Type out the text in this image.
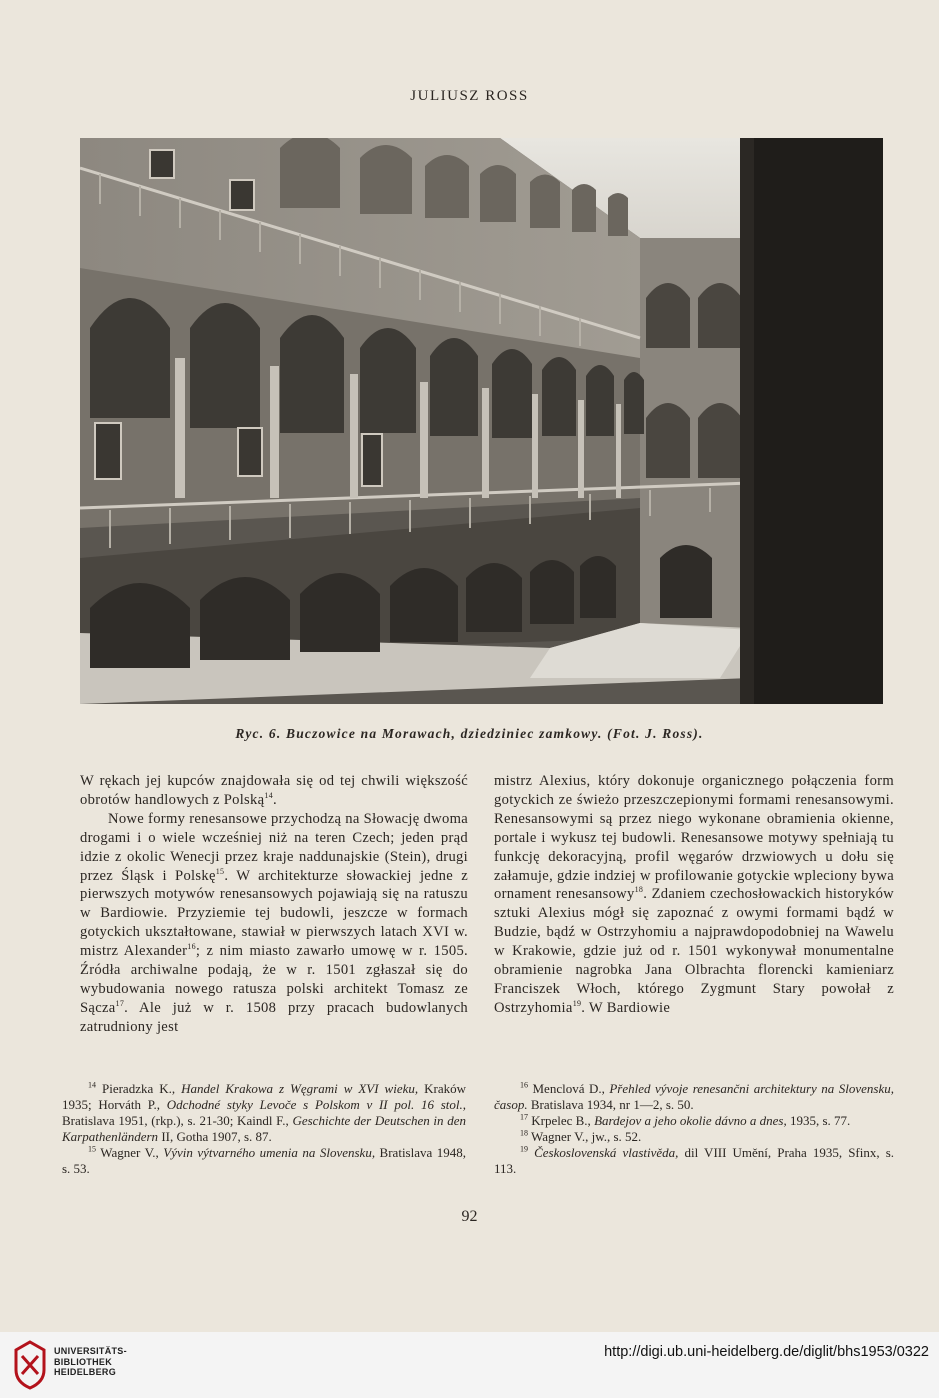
JULIUSZ ROSS
Ryc. 6. Buczowice na Morawach, dziedziniec zamkowy. (Fot. J. Ross).

W rękach jej kupców znajdowała się od tej chwili większość obrotów handlowych z Polską$^{14}$.

Nowe formy renesansowe przychodzą na Słowację dwoma drogami i o wiele wcześniej niż na teren Czech; jeden prąd idzie z okolic Wenecji przez kraje naddunajskie (Stein), drugi przez Śląsk i Polskę$^{15}$. W architekturze słowackiej jedne z pierwszych motywów renesansowych pojawiają się na ratuszu w Bardiowie. Przyziemie tej budowli, jeszcze w formach gotyckich ukształtowane, stawiał w pierwszych latach XVI w. mistrz Alexander$^{16}$; z nim miasto zawarło umowę w r. 1505. Źródła archiwalne podają, że w r. 1501 zgłaszał się do wybudowania nowego ratusza polski architekt Tomasz ze Sącza$^{17}$. Ale już w r. 1508 przy pracach budowlanych zatrudniony jest

mistrz Alexius, który dokonuje organicznego połączenia form gotyckich ze świeżo przeszczepionymi formami renesansowymi. Renesansowymi są przez niego wykonane obramienia okienne, portale i wykusz tej budowli. Renesansowe motywy spełniają tu funkcję dekoracyjną, profil węgarów drzwiowych u dołu się załamuje, gdzie indziej w profilowanie gotyckie wpleciony bywa ornament renesansowy$^{18}$. Zdaniem czechosłowackich historyków sztuki Alexius mógł się zapoznać z owymi formami bądź w Budzie, bądź w Ostrzyhomiu a najprawdopodobniej na Wawelu w Krakowie, gdzie już od r. 1501 wykonywał monumentalne obramienie nagrobka Jana Olbrachta florencki kamieniarz Franciszek Włoch, którego Zygmunt Stary powołał z Ostrzyhomia$^{19}$. W Bardiowie

$^{14}$ Pieradzka K., Handel Krakowa z Węgrami w XVI wieku, Kraków 1935; Horváth P., Odchodné styky Levoče s Polskom v II pol. 16 stol., Bratislava 1951, (rkp.), s. 21-30; Kaindl F., Geschichte der Deutschen in den Karpathenländern II, Gotha 1907, s. 87.

$^{15}$ Wagner V., Vývin výtvarného umenia na Slovensku, Bratislava 1948, s. 53.

$^{16}$ Menclová D., Přehled vývoje renesančni architektury na Slovensku, časop. Bratislava 1934, nr 1—2, s. 50.

$^{17}$ Krpelec B., Bardejov a jeho okolie dávno a dnes, 1935, s. 77.

$^{18}$ Wagner V., jw., s. 52.

$^{19}$ Československá vlastivěda, dil VIII Umění, Praha 1935, Sfinx, s. 113.

92
UNIVERSITÄTS-
BIBLIOTHEK
HEIDELBERG
http://digi.ub.uni-heidelberg.de/diglit/bhs1953/0322
